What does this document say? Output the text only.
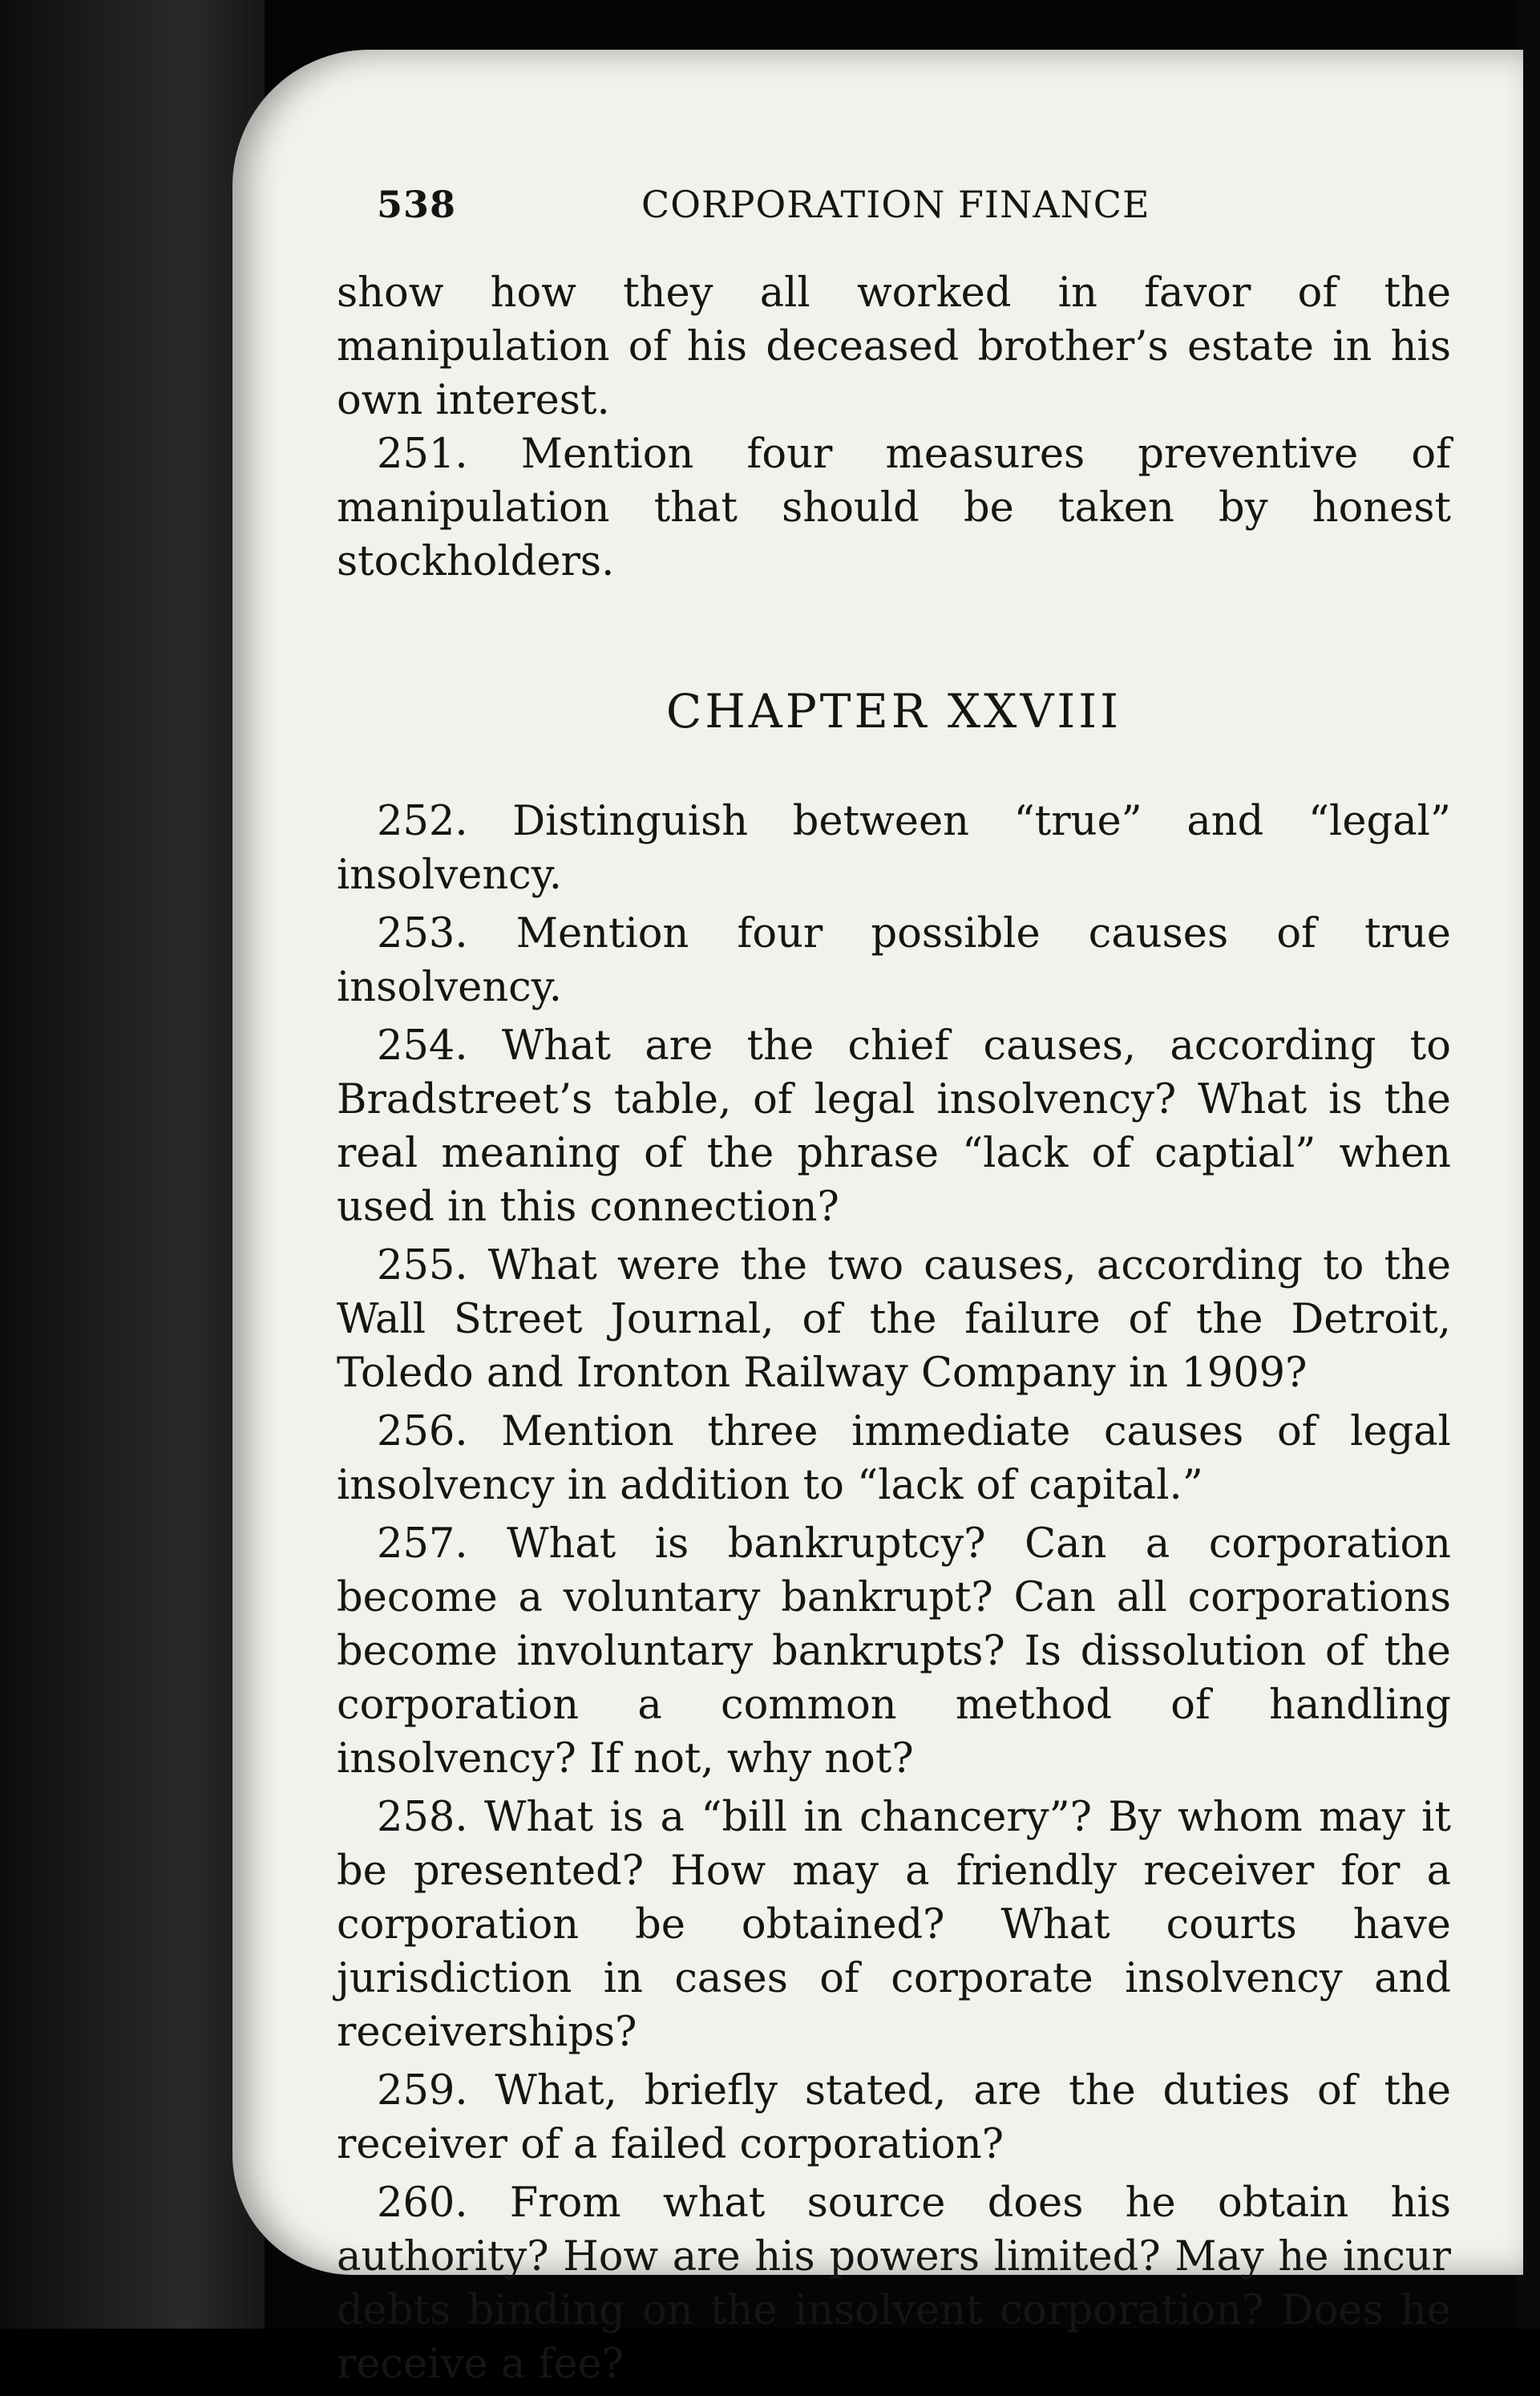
538	CORPORATION FINANCE

show how they all worked in favor of the manipulation of his deceased brother’s estate in his own interest.

251. Mention four measures preventive of manipulation that should be taken by honest stockholders.

CHAPTER XXVIII

252. Distinguish between “true” and “legal” insolvency.

253. Mention four possible causes of true insolvency.

254. What are the chief causes, according to Bradstreet’s table, of legal insolvency? What is the real meaning of the phrase “lack of captial” when used in this connection?

255. What were the two causes, according to the Wall Street Journal, of the failure of the Detroit, Toledo and Ironton Railway Company in 1909?

256. Mention three immediate causes of legal insolvency in addition to “lack of capital.”

257. What is bankruptcy? Can a corporation become a voluntary bankrupt? Can all corporations become involuntary bankrupts? Is dissolution of the corporation a common method of handling insolvency? If not, why not?

258. What is a “bill in chancery”? By whom may it be presented? How may a friendly receiver for a corporation be obtained? What courts have jurisdiction in cases of corporate insolvency and receiverships?

259. What, briefly stated, are the duties of the receiver of a failed corporation?

260. From what source does he obtain his authority? How are his powers limited? May he incur debts binding on the insolvent corporation? Does he receive a fee?
